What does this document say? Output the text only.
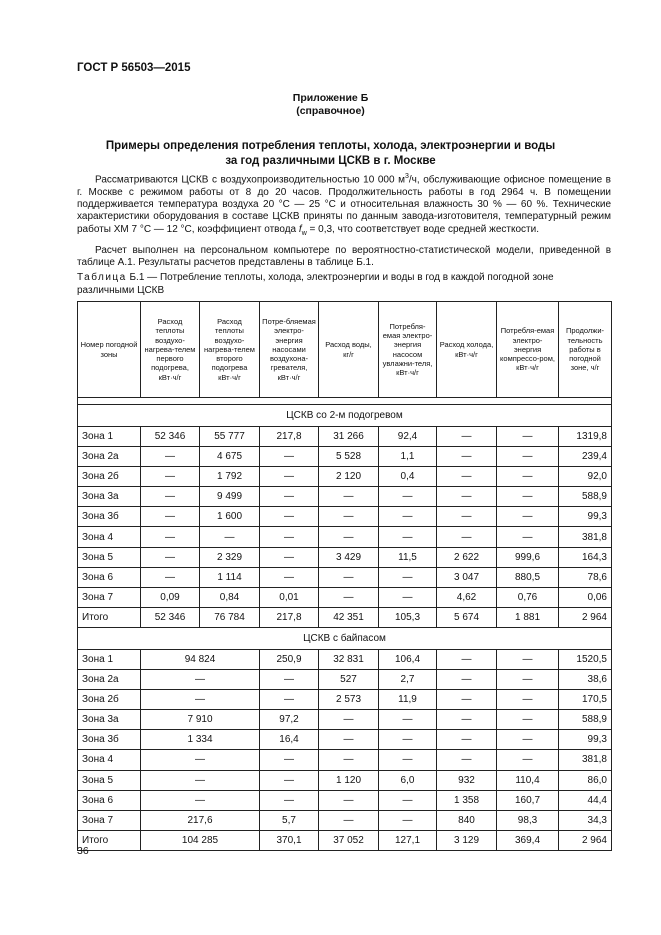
ГОСТ Р 56503—2015
Приложение Б
(справочное)
Примеры определения потребления теплоты, холода, электроэнергии и воды
за год различными ЦСКВ в г. Москве

Рассматриваются ЦСКВ с воздухопроизводительностью 10 000 $м^3/ч$, обслуживающие офисное помещение в г. Москве с режимом работы от 8 до 20 часов. Продолжительность работы в год 2964 ч. В помещении поддерживается температура воздуха 20 °С — 25 °С и относительная влажность 30 % — 60 %. Технические характеристики оборудования в составе ЦСКВ приняты по данным завода-изготовителя, температурный режим работы ХМ 7 °С — 12 °С, коэффициент отвода $f_w = 0,3$, что соответствует воде средней жесткости.

Расчет выполнен на персональном компьютере по вероятностно-статистической модели, приведенной в таблице А.1. Результаты расчетов представлены в таблице Б.1.

Таблица Б.1 — Потребление теплоты, холода, электроэнергии и воды в год в каждой погодной зоне различными ЦСКВ
Номер погодной зоны	Расход теплоты воздухо-нагрева-телем первого подогрева, кВт·ч/г	Расход теплоты воздухо-нагрева-телем второго подогрева кВт·ч/г	Потре-бляемая электро-энергия насосами воздухона-гревателя, кВт·ч/г	Расход воды, кг/г	Потребля-емая электро-энергия насосом увлажни-теля, кВт·ч/г	Расход холода, кВт·ч/г	Потребля-емая электро-энергия компрессо-ром, кВт·ч/г	Продолжи-тельность работы в погодной зоне, ч/г

ЦСКВ со 2-м подогревом								
Зона 1	52 346	55 777	217,8	31 266	92,4	—	—	1319,8
Зона 2а	—	4 675	—	5 528	1,1	—	—	239,4
Зона 2б	—	1 792	—	2 120	0,4	—	—	92,0
Зона 3а	—	9 499	—	—	—	—	—	588,9
Зона 3б	—	1 600	—	—	—	—	—	99,3
Зона 4	—	—	—	—	—	—	—	381,8
Зона 5	—	2 329	—	3 429	11,5	2 622	999,6	164,3
Зона 6	—	1 114	—	—	—	3 047	880,5	78,6
Зона 7	0,09	0,84	0,01	—	—	4,62	0,76	0,06
Итого	52 346	76 784	217,8	42 351	105,3	5 674	1 881	2 964
ЦСКВ с байпасом								
Зона 1	94 824		250,9	32 831	106,4	—	—	1520,5
Зона 2а	—		—	527	2,7	—	—	38,6
Зона 2б	—		—	2 573	11,9	—	—	170,5
Зона 3а	7 910		97,2	—	—	—	—	588,9
Зона 3б	1 334		16,4	—	—	—	—	99,3
Зона 4	—		—	—	—	—	—	381,8
Зона 5	—		—	1 120	6,0	932	110,4	86,0
Зона 6	—		—	—	—	1 358	160,7	44,4
Зона 7	217,6		5,7	—	—	840	98,3	34,3
Итого	104 285		370,1	37 052	127,1	3 129	369,4	2 964
36
